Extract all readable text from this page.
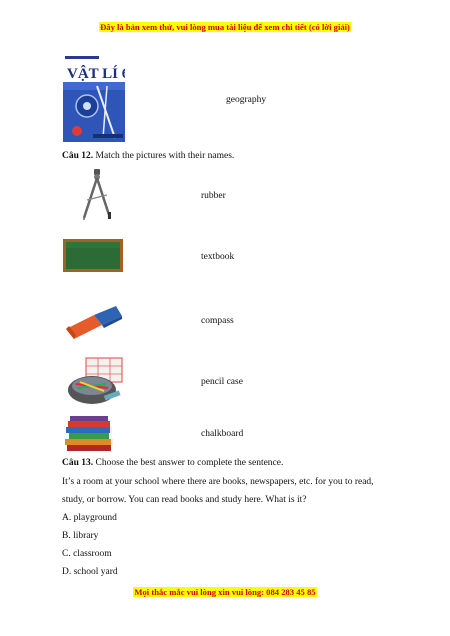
Đây là bản xem thử, vui lòng mua tài liệu để xem chi tiết (có lời giải)
VẬT LÍ 6
geography
Câu 12. Match the pictures with their names.
rubber
textbook
compass
pencil case
chalkboard
Câu 13. Choose the best answer to complete the sentence.
It’s a room at your school where there are books, newspapers, etc. for you to read,
study, or borrow. You can read books and study here. What is it?
A. playground
B. library
C. classroom
D. school yard
Mọi thắc mắc vui lòng xin vui lòng: 084 283 45 85
